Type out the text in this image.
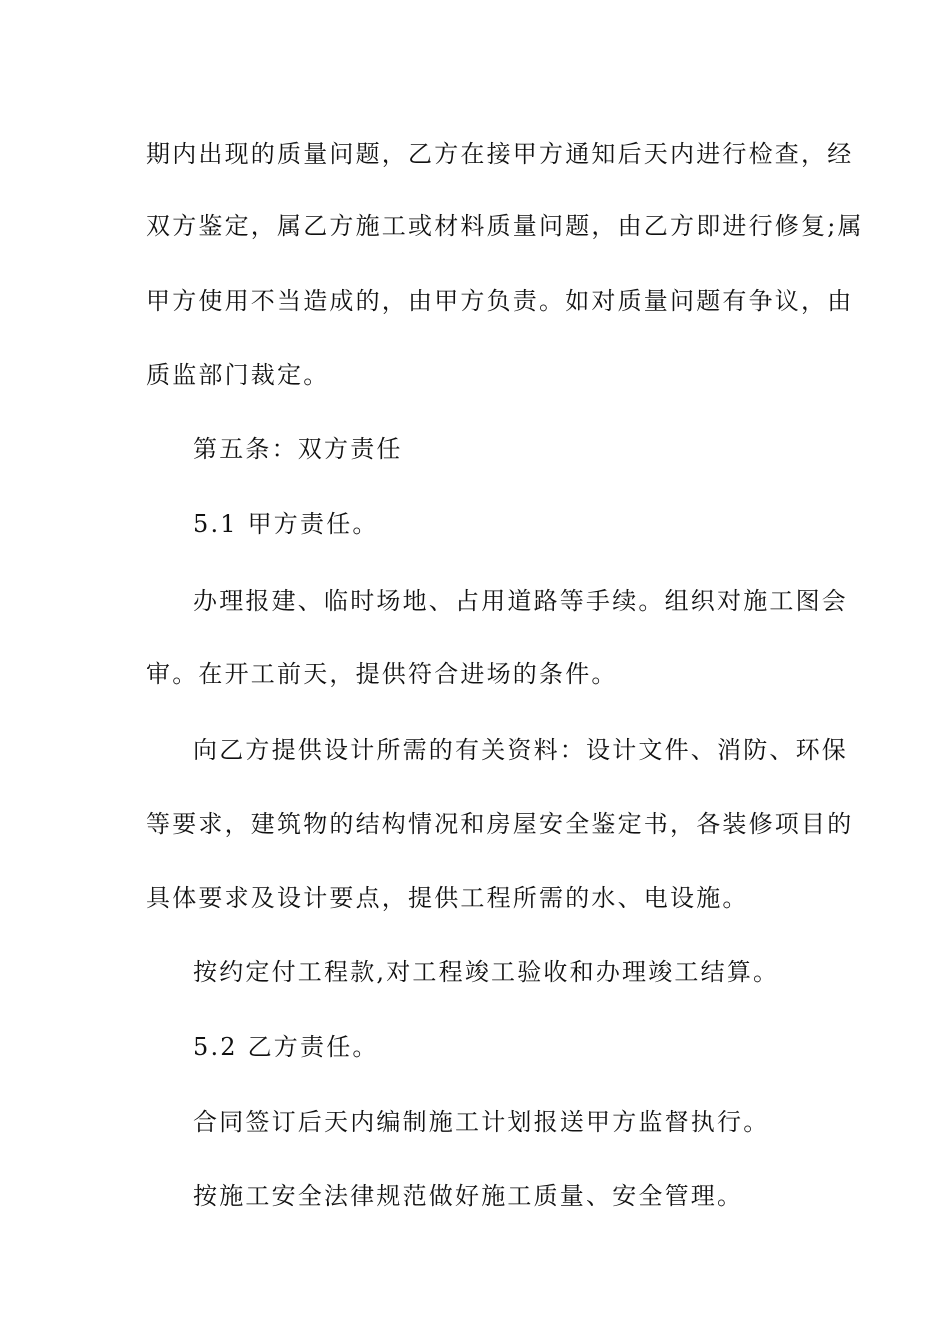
期内出现的质量问题，乙方在接甲方通知后天内进行检查，经
双方鉴定，属乙方施工或材料质量问题，由乙方即进行修复;属
甲方使用不当造成的，由甲方负责。如对质量问题有争议，由
质监部门裁定。
第五条：双方责任
5.1 甲方责任。
办理报建、临时场地、占用道路等手续。组织对施工图会
审。在开工前天，提供符合进场的条件。
向乙方提供设计所需的有关资料：设计文件、消防、环保
等要求，建筑物的结构情况和房屋安全鉴定书，各装修项目的
具体要求及设计要点，提供工程所需的水、电设施。
按约定付工程款,对工程竣工验收和办理竣工结算。
5.2 乙方责任。
合同签订后天内编制施工计划报送甲方监督执行。
按施工安全法律规范做好施工质量、安全管理。
